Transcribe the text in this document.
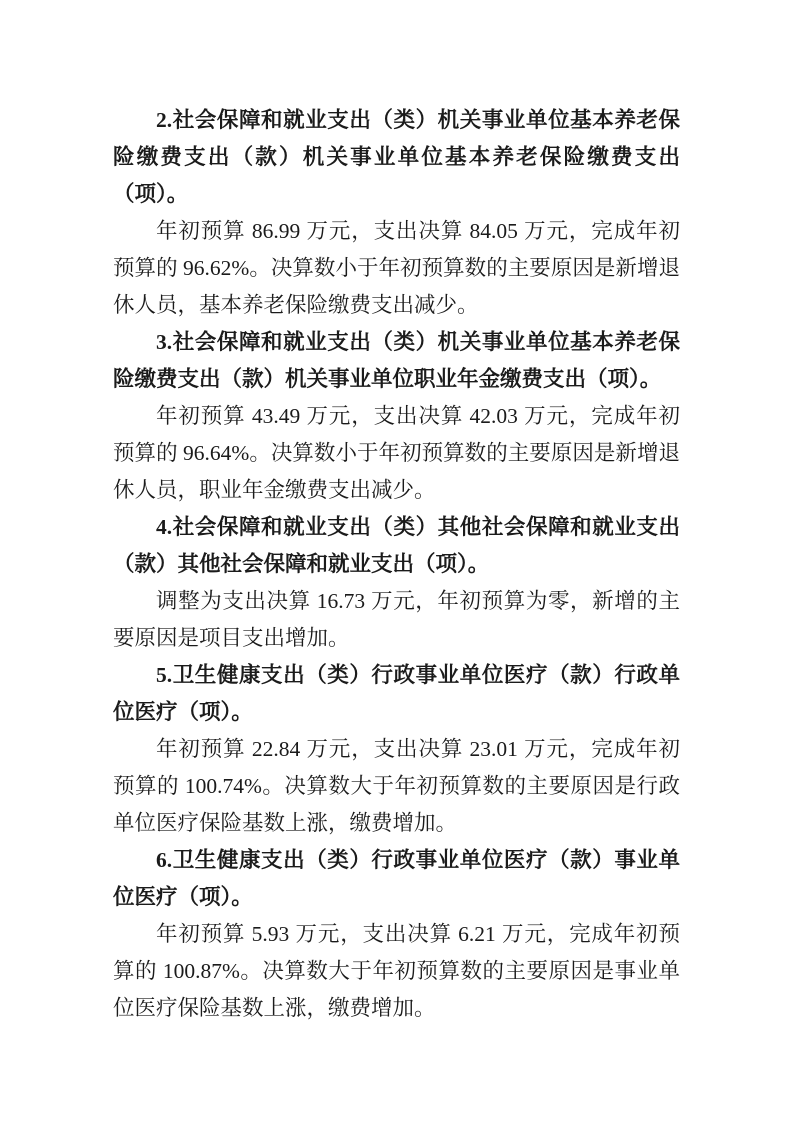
2.社会保障和就业支出（类）机关事业单位基本养老保险缴费支出（款）机关事业单位基本养老保险缴费支出（项）。

年初预算 86.99 万元，支出决算 84.05 万元，完成年初预算的 96.62%。决算数小于年初预算数的主要原因是新增退休人员，基本养老保险缴费支出减少。

3.社会保障和就业支出（类）机关事业单位基本养老保险缴费支出（款）机关事业单位职业年金缴费支出（项）。

年初预算 43.49 万元，支出决算 42.03 万元，完成年初预算的 96.64%。决算数小于年初预算数的主要原因是新增退休人员，职业年金缴费支出减少。

4.社会保障和就业支出（类）其他社会保障和就业支出（款）其他社会保障和就业支出（项）。

调整为支出决算 16.73 万元，年初预算为零，新增的主要原因是项目支出增加。

5.卫生健康支出（类）行政事业单位医疗（款）行政单位医疗（项）。

年初预算 22.84 万元，支出决算 23.01 万元，完成年初预算的 100.74%。决算数大于年初预算数的主要原因是行政单位医疗保险基数上涨，缴费增加。

6.卫生健康支出（类）行政事业单位医疗（款）事业单位医疗（项）。

年初预算 5.93 万元，支出决算 6.21 万元，完成年初预算的 100.87%。决算数大于年初预算数的主要原因是事业单位医疗保险基数上涨，缴费增加。
